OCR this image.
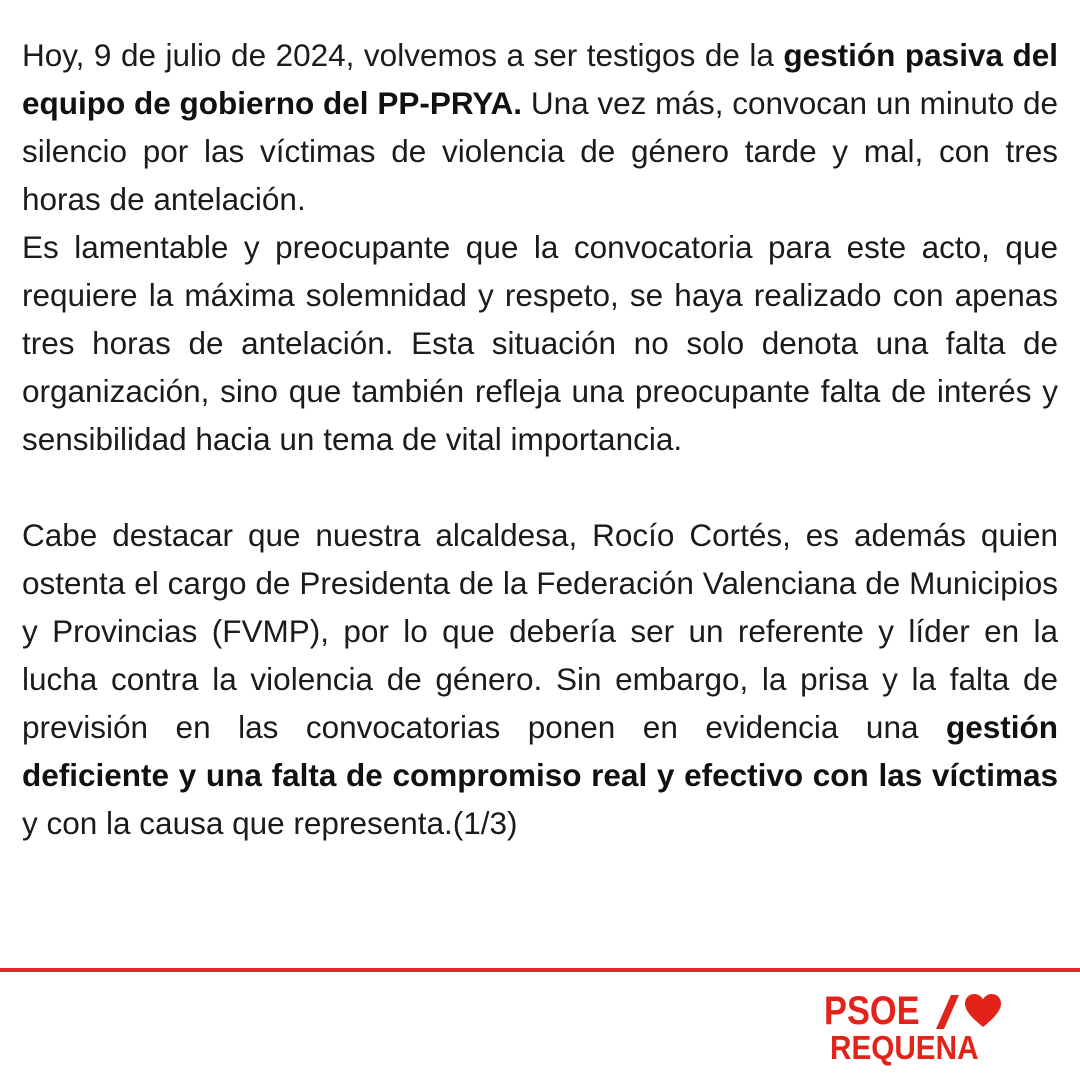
Hoy, 9 de julio de 2024, volvemos a ser testigos de la gestión pasiva del equipo de gobierno del PP-PRYA. Una vez más, convocan un minuto de silencio por las víctimas de violencia de género tarde y mal, con tres horas de antelación.

Es lamentable y preocupante que la convocatoria para este acto, que requiere la máxima solemnidad y respeto, se haya realizado con apenas tres horas de antelación. Esta situación no solo denota una falta de organización, sino que también refleja una preocupante falta de interés y sensibilidad hacia un tema de vital importancia.

Cabe destacar que nuestra alcaldesa, Rocío Cortés, es además quien ostenta el cargo de Presidenta de la Federación Valenciana de Municipios y Provincias (FVMP), por lo que debería ser un referente y líder en la lucha contra la violencia de género. Sin embargo, la prisa y la falta de previsión en las convocatorias ponen en evidencia una gestión deficiente y una falta de compromiso real y efectivo con las víctimas y con la causa que representa.(1/3)

PSOE
REQUENA
